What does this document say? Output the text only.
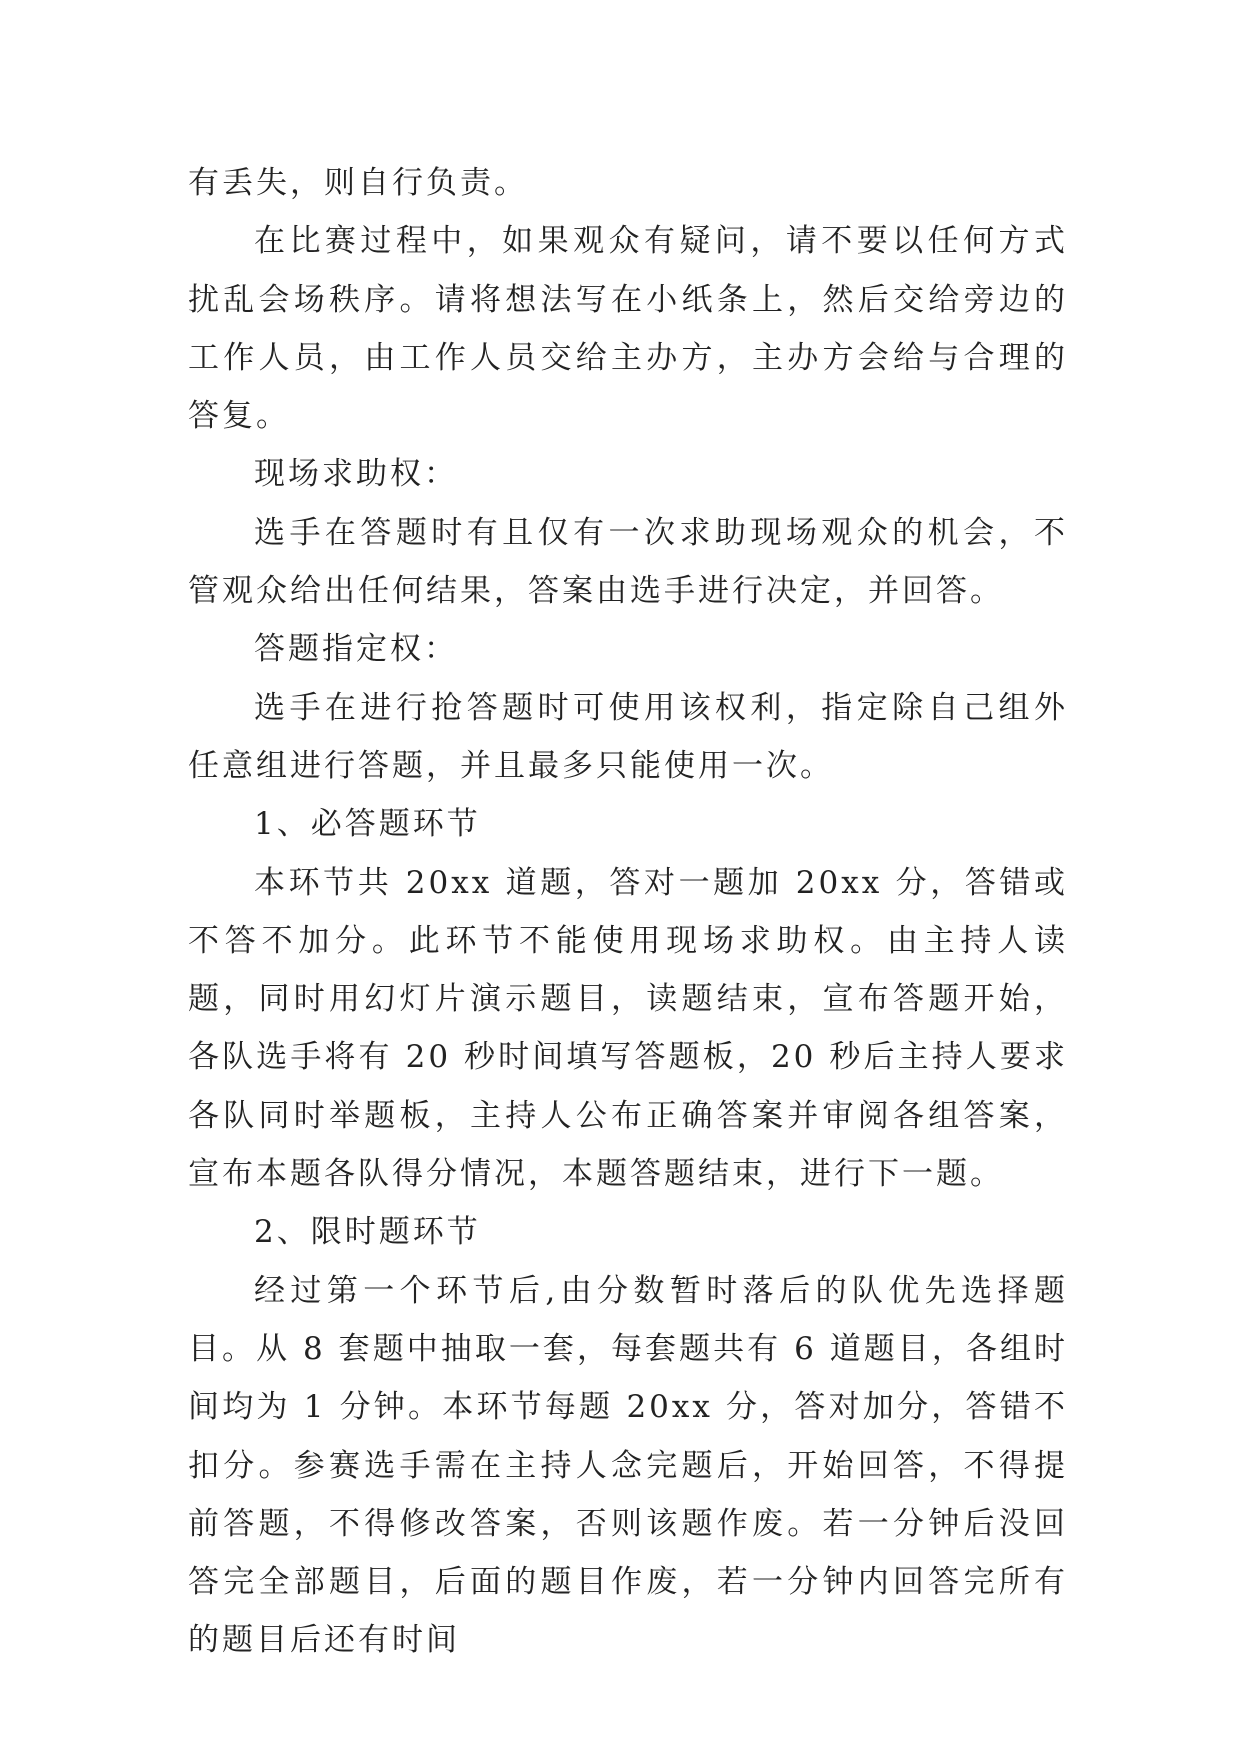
有丢失，则自行负责。

在比赛过程中，如果观众有疑问，请不要以任何方式扰乱会场秩序。请将想法写在小纸条上，然后交给旁边的工作人员，由工作人员交给主办方，主办方会给与合理的答复。

现场求助权：

选手在答题时有且仅有一次求助现场观众的机会，不管观众给出任何结果，答案由选手进行决定，并回答。

答题指定权：

选手在进行抢答题时可使用该权利，指定除自己组外任意组进行答题，并且最多只能使用一次。

1、必答题环节

本环节共 20xx 道题，答对一题加 20xx 分，答错或不答不加分。此环节不能使用现场求助权。由主持人读题，同时用幻灯片演示题目，读题结束，宣布答题开始，各队选手将有 20 秒时间填写答题板，20 秒后主持人要求各队同时举题板，主持人公布正确答案并审阅各组答案，宣布本题各队得分情况，本题答题结束，进行下一题。

2、限时题环节

经过第一个环节后,由分数暂时落后的队优先选择题目。从 8 套题中抽取一套，每套题共有 6 道题目，各组时间均为 1 分钟。本环节每题 20xx 分，答对加分，答错不扣分。参赛选手需在主持人念完题后，开始回答，不得提前答题，不得修改答案，否则该题作废。若一分钟后没回答完全部题目，后面的题目作废，若一分钟内回答完所有的题目后还有时间
